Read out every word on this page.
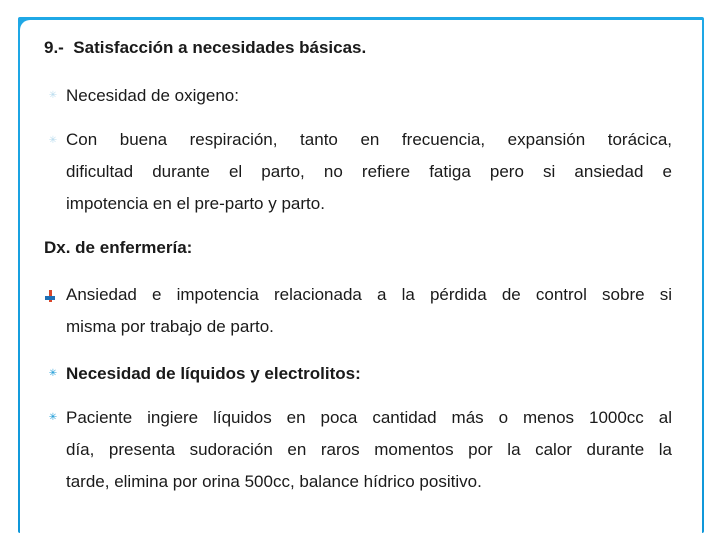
9.- Satisfacción a necesidades básicas.
✳ Necesidad de oxigeno:
✳ Con buena respiración, tanto en frecuencia, expansión torácica,
dificultad durante el parto, no refiere fatiga pero si ansiedad e
impotencia en el pre-parto y parto.
Dx. de enfermería:
Ansiedad e impotencia relacionada a la pérdida de control sobre si
misma por trabajo de parto.
✳ Necesidad de líquidos y electrolitos:
✳ Paciente ingiere líquidos en poca cantidad más o menos 1000cc al
día, presenta sudoración en raros momentos por la calor durante la
tarde, elimina por orina 500cc, balance hídrico positivo.
